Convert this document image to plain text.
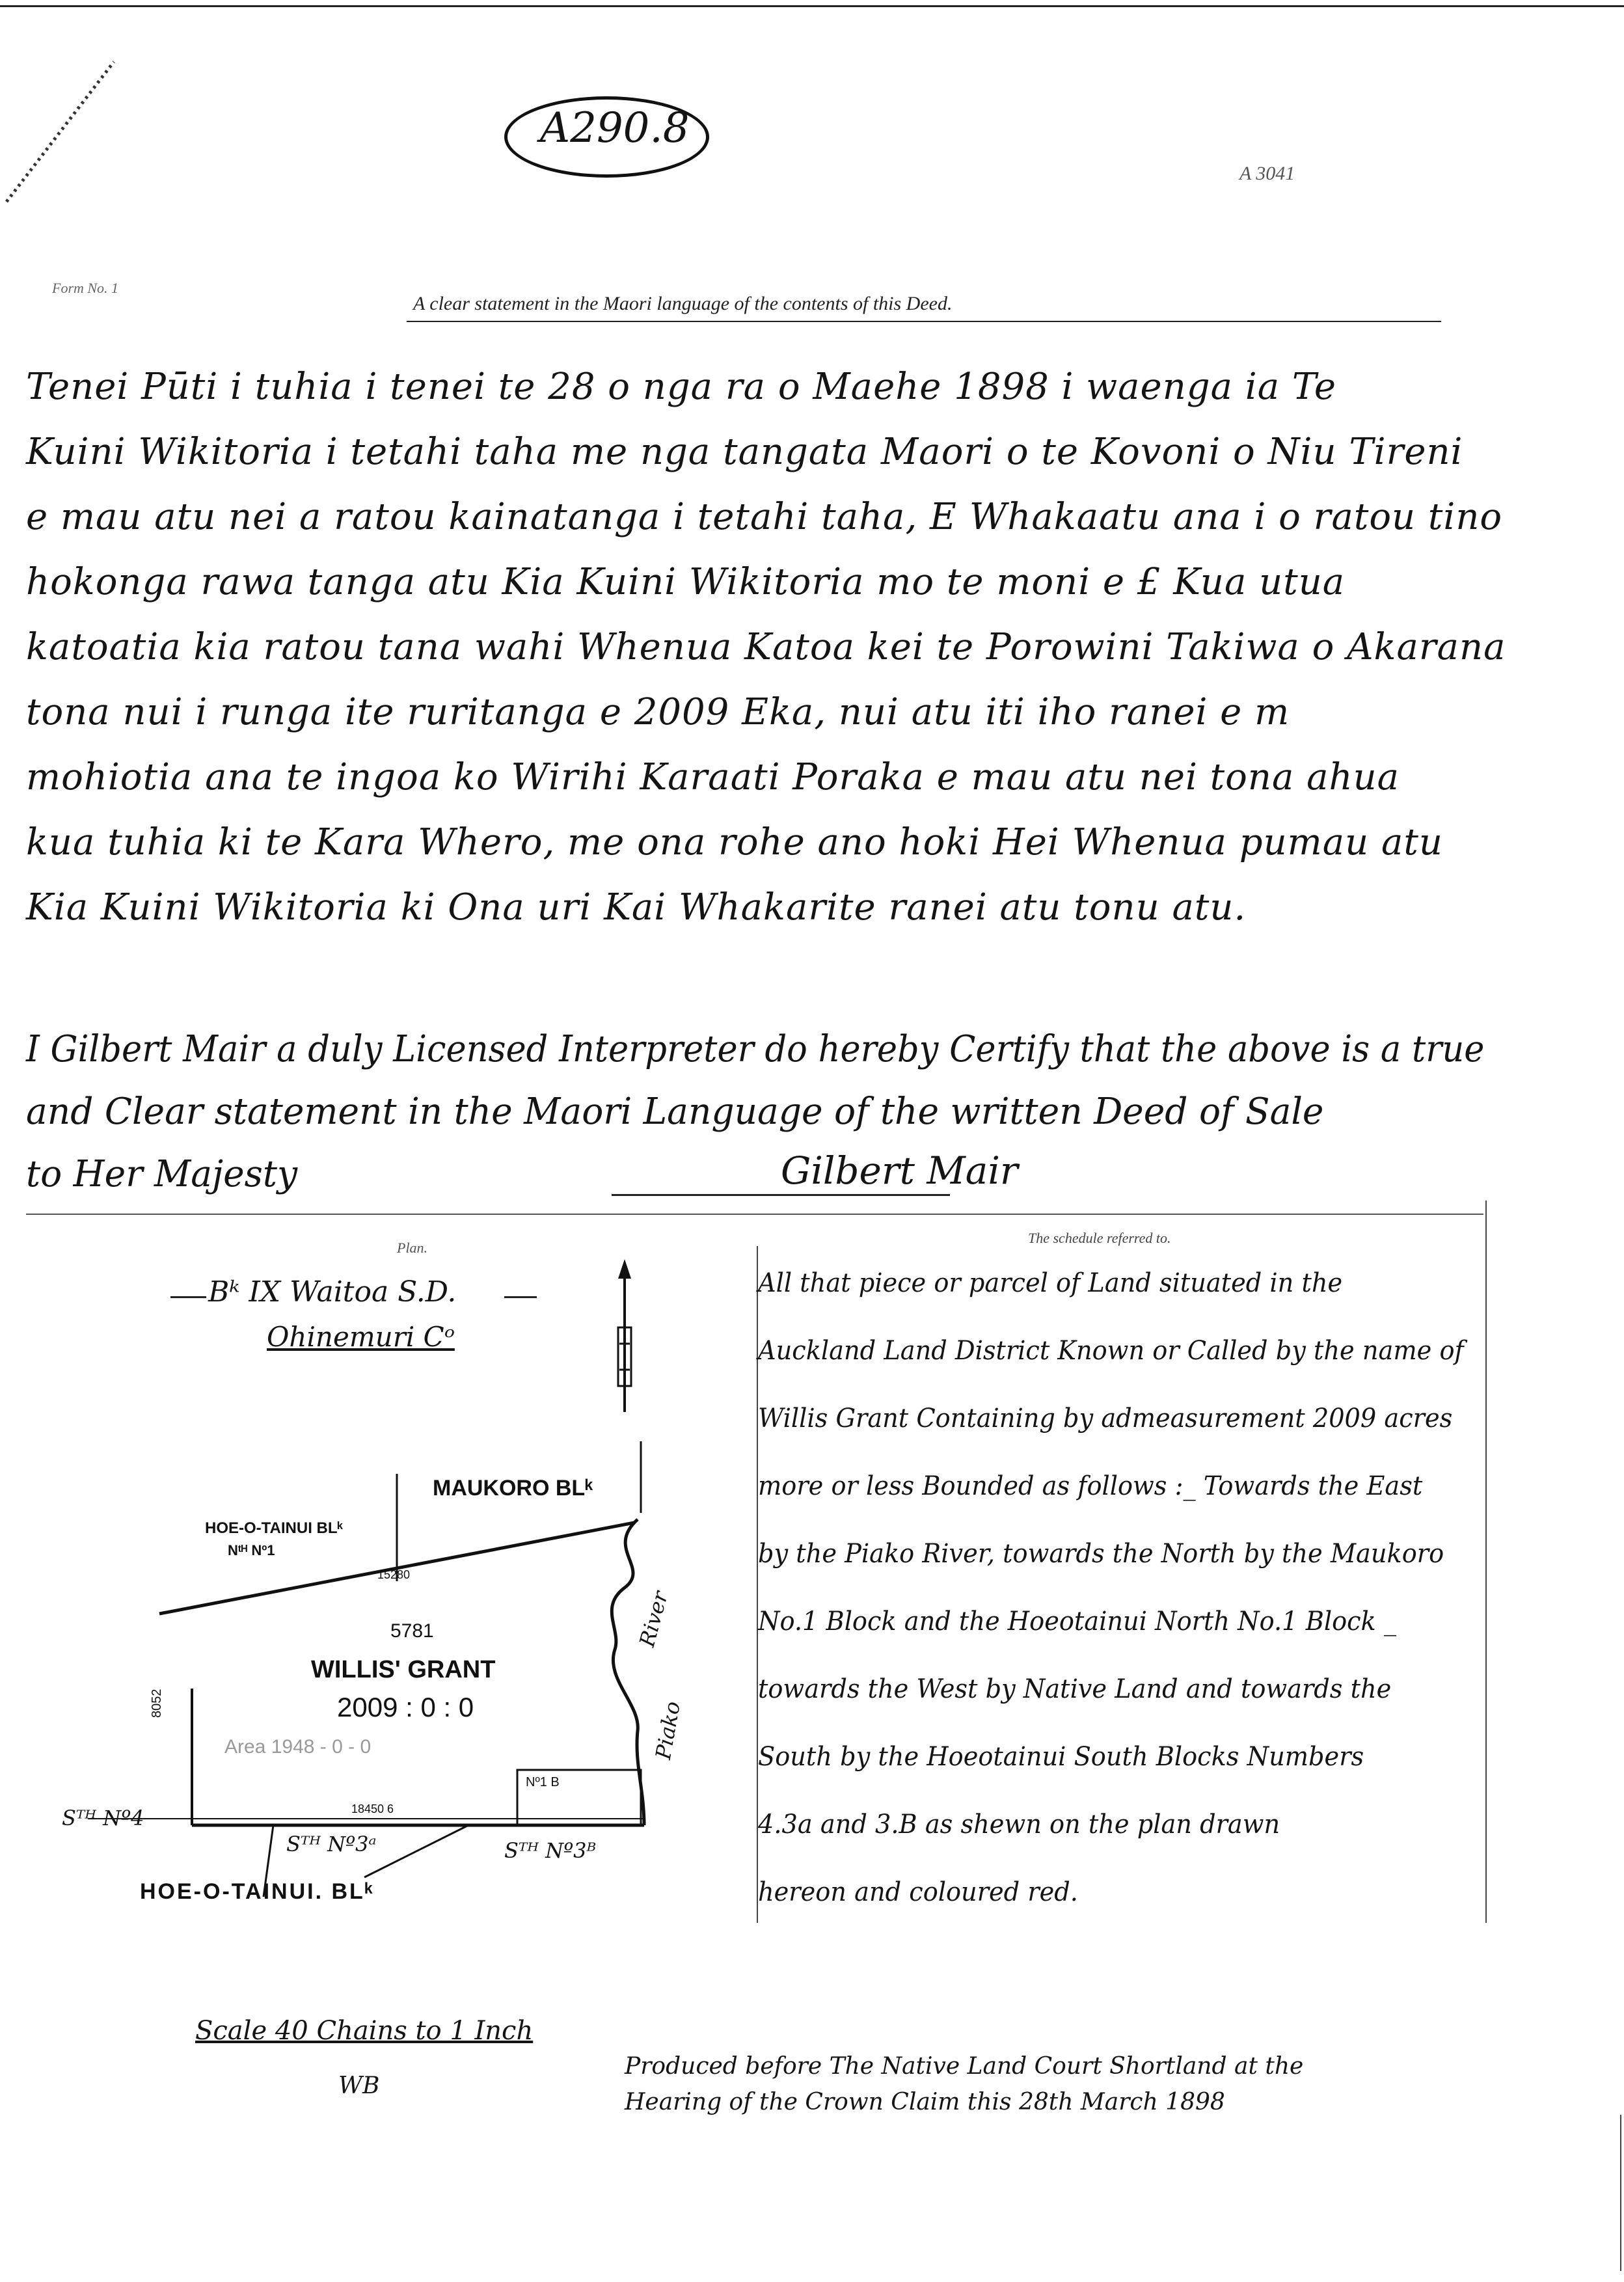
A290.8
A 3041
Form No. 1
A clear statement in the Maori language of the contents of this Deed.
Tenei Pūti i tuhia i tenei te 28 o nga ra o Maehe 1898 i waenga ia Te
Kuini Wikitoria i tetahi taha me nga tangata Maori o te Kovoni o Niu Tireni
e mau atu nei a ratou kainatanga i tetahi taha, E Whakaatu ana i o ratou tino
hokonga rawa tanga atu Kia Kuini Wikitoria mo te moni e £ Kua utua
katoatia kia ratou tana wahi Whenua Katoa kei te Porowini Takiwa o Akarana
tona nui i runga ite ruritanga e 2009 Eka, nui atu iti iho ranei e m
mohiotia ana te ingoa ko Wirihi Karaati Poraka e mau atu nei tona ahua
kua tuhia ki te Kara Whero, me ona rohe ano hoki Hei Whenua pumau atu
Kia Kuini Wikitoria ki Ona uri Kai Whakarite ranei atu tonu atu.
I Gilbert Mair a duly Licensed Interpreter do hereby Certify that the above is a true
and Clear statement in the Maori Language of the written Deed of Sale
to Her Majesty	Gilbert Mair
Plan.
Bᵏ IX Waitoa S.D.
Ohinemuri Cᵒ
MAUKORO BLᵏ
HOE-O-TAINUI BLᵏ
Nᵗᴴ Nº1
15280
5781
WILLIS' GRANT
2009 : 0 : 0
Area 1948 - 0 - 0
8052
18450 6
Nº1 B
River
Piako
Sᵀᴴ Nº4
Sᵀᴴ Nº3ᵃ	Sᵀᴴ Nº3ᴮ
HOE-O-TAINUI. BLᵏ
Scale 40 Chains to 1 Inch
WB
The schedule referred to.
All that piece or parcel of Land situated in the
Auckland Land District Known or Called by the name of
Willis Grant Containing by admeasurement 2009 acres
more or less Bounded as follows :_ Towards the East
by the Piako River, towards the North by the Maukoro
No.1 Block and the Hoeotainui North No.1 Block _
towards the West by Native Land and towards the
South by the Hoeotainui South Blocks Numbers
4.3a and 3.B as shewn on the plan drawn
hereon and coloured red.
Produced before The Native Land Court Shortland at the
Hearing of the Crown Claim this 28th March 1898
